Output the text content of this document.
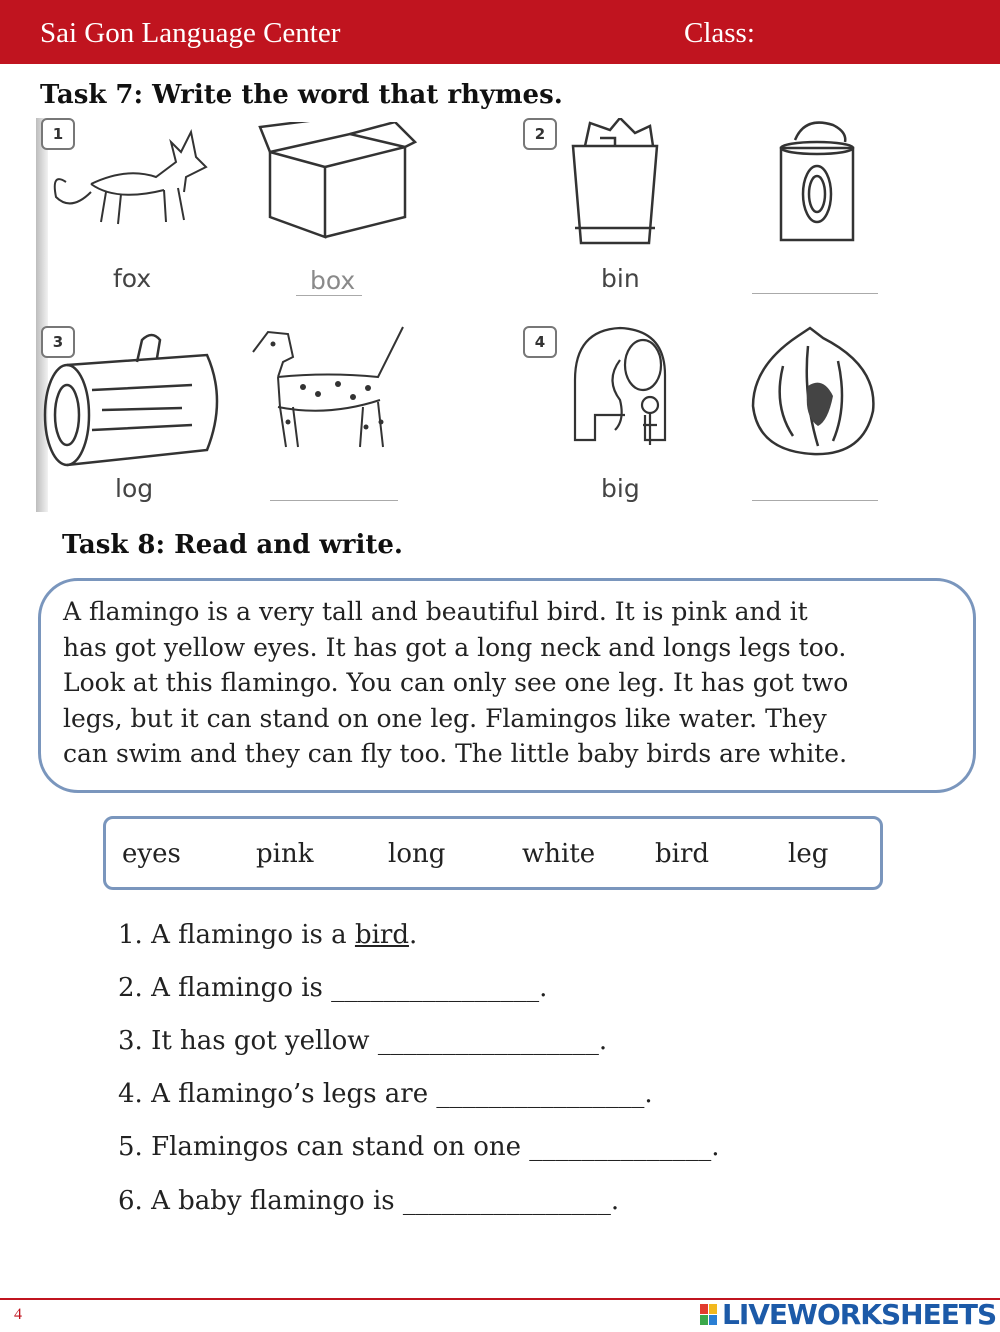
Sai Gon Language Center	Class:
Task 7: Write the word that rhymes.
1
fox	box
2
bin
3
log
4
big
Task 8: Read and write.

A flamingo is a very tall and beautiful bird. It is pink and it

has got yellow eyes. It has got a long neck and longs legs too.

Look at this flamingo. You can only see one leg. It has got two

legs, but it can stand on one leg. Flamingos like water. They

can swim and they can fly too. The little baby birds are white.

eyes	pink	long	white bird	leg
1. A flamingo is a bird.
2. A flamingo is ________________.
3. It has got yellow _________________.
4. A flamingo’s legs are ________________.
5. Flamingos can stand on one ______________.
6. A baby flamingo is ________________.
4	LIVEWORKSHEETS
